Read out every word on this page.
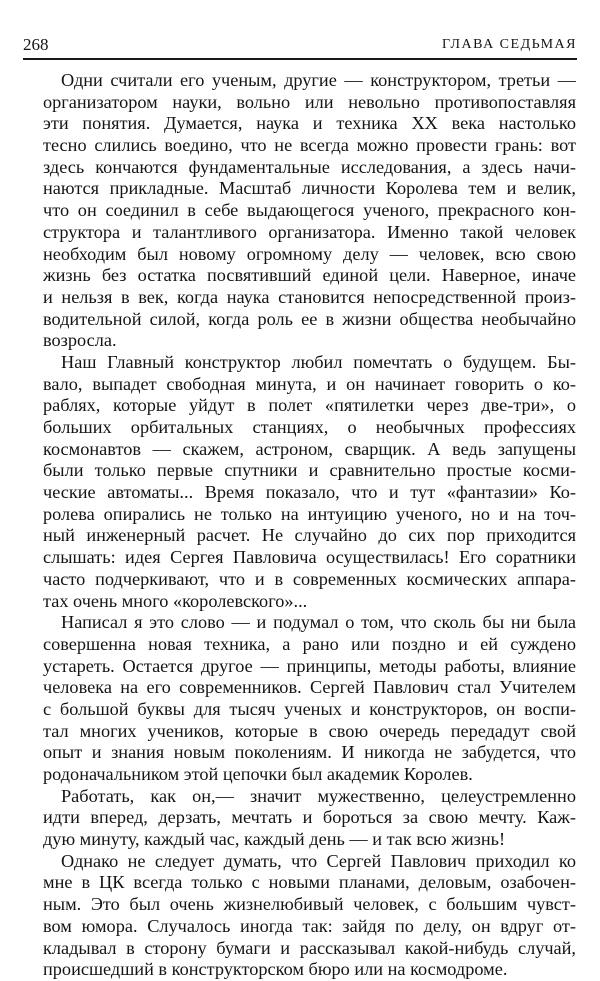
268	ГЛАВА СЕДЬМАЯ
Одни считали его ученым, другие — конструктором, третьи —
организатором науки, вольно или невольно противопоставляя
эти понятия. Думается, наука и техника XX века настолько
тесно слились воедино, что не всегда можно провести грань: вот
здесь кончаются фундаментальные исследования, а здесь начи-
наются прикладные. Масштаб личности Королева тем и велик,
что он соединил в себе выдающегося ученого, прекрасного кон-
структора и талантливого организатора. Именно такой человек
необходим был новому огромному делу — человек, всю свою
жизнь без остатка посвятивший единой цели. Наверное, иначе
и нельзя в век, когда наука становится непосредственной произ-
водительной силой, когда роль ее в жизни общества необычайно
возросла.
Наш Главный конструктор любил помечтать о будущем. Бы-
вало, выпадет свободная минута, и он начинает говорить о ко-
раблях, которые уйдут в полет «пятилетки через две-три», о
больших орбитальных станциях, о необычных профессиях
космонавтов — скажем, астроном, сварщик. А ведь запущены
были только первые спутники и сравнительно простые косми-
ческие автоматы... Время показало, что и тут «фантазии» Ко-
ролева опирались не только на интуицию ученого, но и на точ-
ный инженерный расчет. Не случайно до сих пор приходится
слышать: идея Сергея Павловича осуществилась! Его соратники
часто подчеркивают, что и в современных космических аппара-
тах очень много «королевского»...
Написал я это слово — и подумал о том, что сколь бы ни была
совершенна новая техника, а рано или поздно и ей суждено
устареть. Остается другое — принципы, методы работы, влияние
человека на его современников. Сергей Павлович стал Учителем
с большой буквы для тысяч ученых и конструкторов, он воспи-
тал многих учеников, которые в свою очередь передадут свой
опыт и знания новым поколениям. И никогда не забудется, что
родоначальником этой цепочки был академик Королев.
Работать, как он,— значит мужественно, целеустремленно
идти вперед, дерзать, мечтать и бороться за свою мечту. Каж-
дую минуту, каждый час, каждый день — и так всю жизнь!
Однако не следует думать, что Сергей Павлович приходил ко
мне в ЦК всегда только с новыми планами, деловым, озабочен-
ным. Это был очень жизнелюбивый человек, с большим чувст-
вом юмора. Случалось иногда так: зайдя по делу, он вдруг от-
кладывал в сторону бумаги и рассказывал какой-нибудь случай,
происшедший в конструкторском бюро или на космодроме.
